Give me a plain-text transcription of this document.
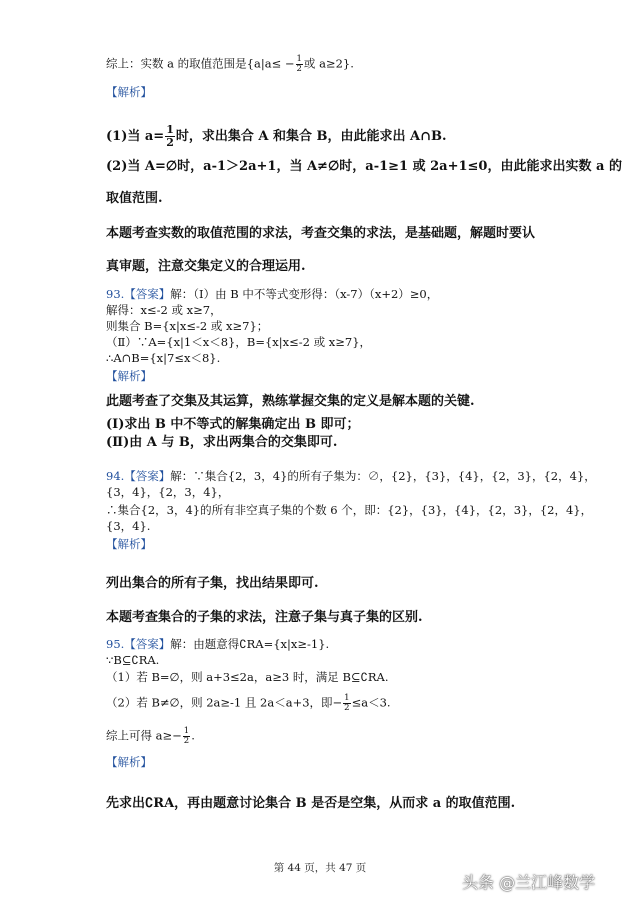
综上：实数 a 的取值范围是{$a|a\le - \frac{1}{2}$ 或 a≥2}.
【解析】
(1)当 $a= \frac{1}{2}$ 时，求出集合 A 和集合 B，由此能求出 A∩B.
(2)当 A=∅时，a-1＞2a+1，当 A≠∅时，a-1≥1 或 2a+1≤0，由此能求出实数 a 的
取值范围.
本题考查实数的取值范围的求法，考查交集的求法，是基础题，解题时要认
真审题，注意交集定义的合理运用.
93.【答案】解：（Ⅰ）由 B 中不等式变形得：（x-7）（x+2）≥0，
解得：x≤-2 或 x≥7，
则集合 B={x|x≤-2 或 x≥7}；
（Ⅱ）∵A={x|1＜x＜8}，B={x|x≤-2 或 x≥7}，
∴A∩B={x|7≤x＜8}.
【解析】
此题考查了交集及其运算，熟练掌握交集的定义是解本题的关键.
(Ⅰ)求出 B 中不等式的解集确定出 B 即可；
(Ⅱ)由 A 与 B，求出两集合的交集即可.
94.【答案】解：∵集合{2，3，4}的所有子集为：∅，{2}，{3}，{4}，{2，3}，{2，4}，
{3，4}，{2，3，4}，
∴集合{2，3，4}的所有非空真子集的个数 6 个，即：{2}，{3}，{4}，{2，3}，{2，4}，
{3，4}.
【解析】
列出集合的所有子集，找出结果即可.
本题考查集合的子集的求法，注意子集与真子集的区别.
95.【答案】解：由题意得∁RA={x|x≥-1}.
∵B⊆∁RA.
（1）若 B=∅，则 a+3≤2a，a≥3 时，满足 B⊆∁RA.
（2）若 B≠∅，则 2a≥-1 且 2a＜a+3，即− $\frac{1}{2} \le a<3$.
综上可得 $a\ge- \frac{1}{2}$ .
【解析】
先求出∁RA，再由题意讨论集合 B 是否是空集，从而求 a 的取值范围.
第 44 页，共 47 页
头条 @兰江峰数学
